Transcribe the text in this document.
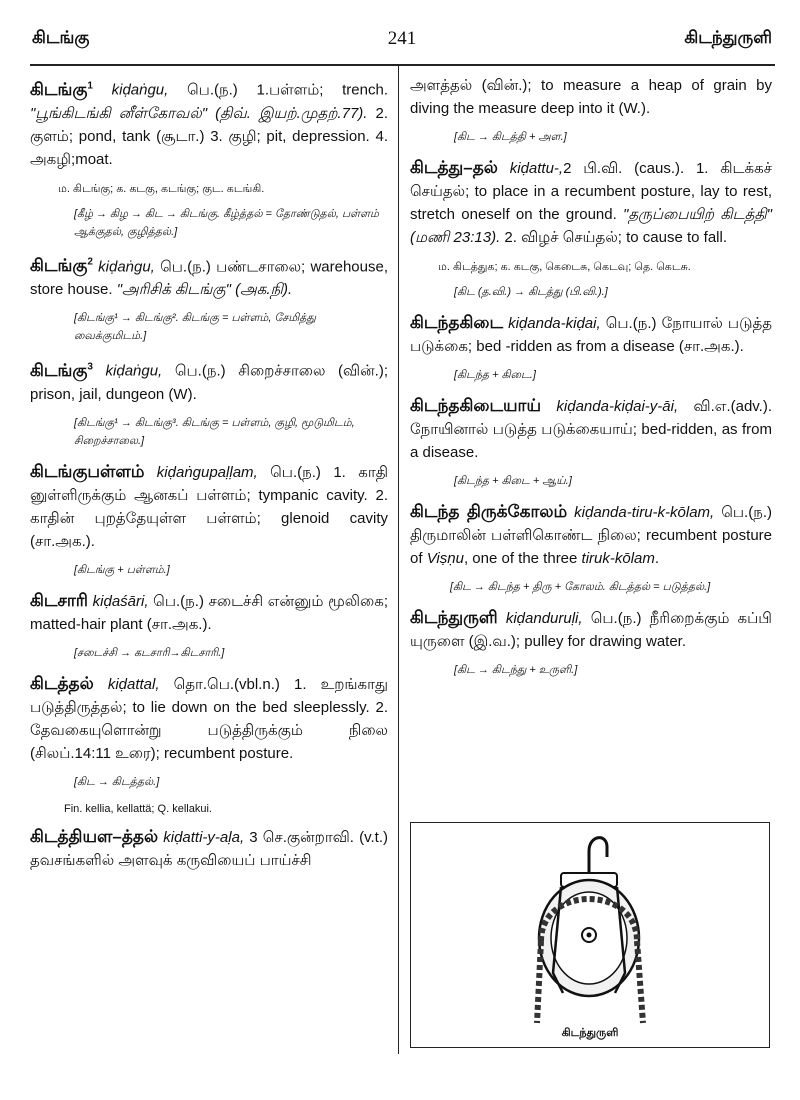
கிடங்கு	241	கிடந்துருளி

கிடங்கு$^1$ kiḍaṅgu, பெ.(ந.) 1.பள்ளம்; trench. "பூங்கிடங்கி னீள்கோவல்" (திவ். இயற்.முதற்.77). 2. குளம்; pond, tank (சூடா.) 3. குழி; pit, depression. 4. அகழி;moat.

ம. கிடங்கு; க. கடகு, கடங்கு; குட. கடங்கி.
[கீழ் → கிழ → கிட → கிடங்கு. கீழ்த்தல் = தோண்டுதல், பள்ளம் ஆக்குதல், குழித்தல்.]

கிடங்கு$^2$ kiḍaṅgu, பெ.(ந.) பண்டசாலை; warehouse, store house. "அரிசிக் கிடங்கு" (அக.நி).

[கிடங்கு¹ → கிடங்கு². கிடங்கு = பள்ளம், சேமித்து வைக்குமிடம்.]

கிடங்கு$^3$ kiḍaṅgu, பெ.(ந.) சிறைச்சாலை (வின்.); prison, jail, dungeon (W).

[கிடங்கு¹ → கிடங்கு³. கிடங்கு = பள்ளம், குழி, மூடுமிடம், சிறைச்சாலை.]

கிடங்குபள்ளம் kiḍaṅgupaḷḷam, பெ.(ந.) 1. காதி னுள்ளிருக்கும் ஆனகப் பள்ளம்; tympanic cavity. 2. காதின் புறத்தேயுள்ள பள்ளம்; glenoid cavity (சா.அக.).

[கிடங்கு + பள்ளம்.]

கிடசாரி kiḍaśāri, பெ.(ந.) சடைச்சி என்னும் மூலிகை; matted-hair plant (சா.அக.).

[சடைச்சி → கடசாரி→கிடசாரி.]

கிடத்தல் kiḍattal, தொ.பெ.(vbl.n.) 1. உறங்காது படுத்திருத்தல்; to lie down on the bed sleeplessly. 2. தேவகையுளொன்று படுத்திருக்கும் நிலை (சிலப்.14:11 உரை); recumbent posture.

[கிட → கிடத்தல்.]
Fin. kellia, kellattä; Q. kellakui.

கிடத்தியள–த்தல் kiḍatti-y-aḷa, 3 செ.குன்றாவி. (v.t.) தவசங்களில் அளவுக் கருவியைப் பாய்ச்சி

அளத்தல் (வின்.); to measure a heap of grain by diving the measure deep into it (W.).

[கிட → கிடத்தி + அள.]

கிடத்து–தல் kiḍattu-,2 பி.வி. (caus.). 1. கிடக்கச் செய்தல்; to place in a recumbent posture, lay to rest, stretch oneself on the ground. "தருப்பையிற் கிடத்தி" (மணி 23:13). 2. விழச் செய்தல்; to cause to fall.

ம. கிடத்துக; க. கடகு, கெடைசு, கெடவு; தெ. கெடசு.
[கிட (த.வி.) → கிடத்து (பி.வி.).]

கிடந்தகிடை kiḍanda-kiḍai, பெ.(ந.) நோயால் படுத்த படுக்கை; bed -ridden as from a disease (சா.அக.).

[கிடந்த + கிடை.]

கிடந்தகிடையாய் kiḍanda-kiḍai-y-āi, வி.எ.(adv.). நோயினால் படுத்த படுக்கையாய்; bed-ridden, as from a disease.

[கிடந்த + கிடை + ஆய்.]

கிடந்த திருக்கோலம் kiḍanda-tiru-k-kōlam, பெ.(ந.) திருமாலின் பள்ளிகொண்ட நிலை; recumbent posture of Viṣṇu, one of the three tiruk-kōlam.

[கிட → கிடந்த + திரு + கோலம். கிடத்தல் = படுத்தல்.]

கிடந்துருளி kiḍanduruḷi, பெ.(ந.) நீரிறைக்கும் கப்பி யுருளை (இ.வ.); pulley for drawing water.

[கிட → கிடந்து + உருளி.]
கிடந்துருளி
